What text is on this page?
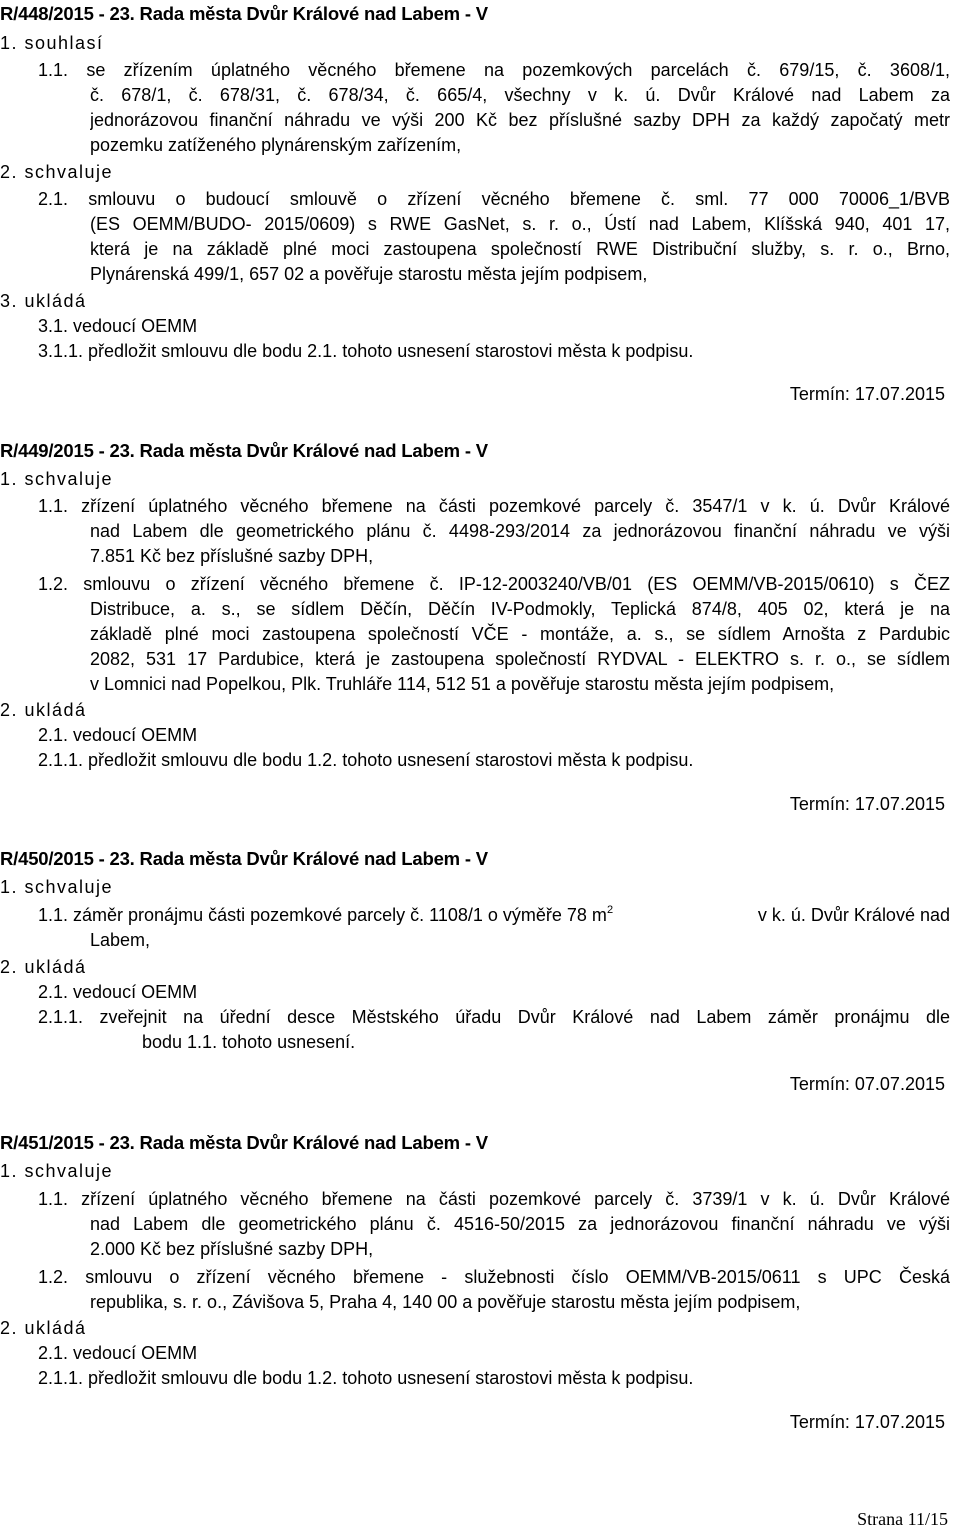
R/448/2015 - 23. Rada města Dvůr Králové nad Labem - V
1. souhlasí
1.1. se zřízením úplatného věcného břemene na pozemkových parcelách č. 679/15, č. 3608/1,
č. 678/1, č. 678/31, č. 678/34, č. 665/4, všechny v k. ú. Dvůr Králové nad Labem za
jednorázovou finanční náhradu ve výši 200 Kč bez příslušné sazby DPH za každý započatý metr
pozemku zatíženého plynárenským zařízením,
2. schvaluje
2.1. smlouvu o budoucí smlouvě o zřízení věcného břemene č. sml. 77 000 70006_1/BVB
(ES OEMM/BUDO- 2015/0609) s RWE GasNet, s. r. o., Ústí nad Labem, Klíšská 940, 401 17,
která je na základě plné moci zastoupena společností RWE Distribuční služby, s. r. o., Brno,
Plynárenská 499/1, 657 02 a pověřuje starostu města jejím podpisem,
3. ukládá
3.1. vedoucí OEMM
3.1.1. předložit smlouvu dle bodu 2.1. tohoto usnesení starostovi města k podpisu.
Termín: 17.07.2015
R/449/2015 - 23. Rada města Dvůr Králové nad Labem - V
1. schvaluje
1.1. zřízení úplatného věcného břemene na části pozemkové parcely č. 3547/1 v k. ú. Dvůr Králové
nad Labem dle geometrického plánu č. 4498-293/2014 za jednorázovou finanční náhradu ve výši
7.851 Kč bez příslušné sazby DPH,
1.2. smlouvu o zřízení věcného břemene č. IP-12-2003240/VB/01 (ES OEMM/VB-2015/0610) s ČEZ
Distribuce, a. s., se sídlem Děčín, Děčín IV-Podmokly, Teplická 874/8, 405 02, která je na
základě plné moci zastoupena společností VČE - montáže, a. s., se sídlem Arnošta z Pardubic
2082, 531 17 Pardubice, která je zastoupena společností RYDVAL - ELEKTRO s. r. o., se sídlem
v Lomnici nad Popelkou, Plk. Truhláře 114, 512 51 a pověřuje starostu města jejím podpisem,
2. ukládá
2.1. vedoucí OEMM
2.1.1. předložit smlouvu dle bodu 1.2. tohoto usnesení starostovi města k podpisu.
Termín: 17.07.2015
R/450/2015 - 23. Rada města Dvůr Králové nad Labem - V
1. schvaluje
1.1. záměr pronájmu části pozemkové parcely č. 1108/1 o výměře 78 $m^2$	v k. ú. Dvůr Králové nad
Labem,
2. ukládá
2.1. vedoucí OEMM
2.1.1. zveřejnit na úřední desce Městského úřadu Dvůr Králové nad Labem záměr pronájmu dle
bodu 1.1. tohoto usnesení.
Termín: 07.07.2015
R/451/2015 - 23. Rada města Dvůr Králové nad Labem - V
1. schvaluje
1.1. zřízení úplatného věcného břemene na části pozemkové parcely č. 3739/1 v k. ú. Dvůr Králové
nad Labem dle geometrického plánu č. 4516-50/2015 za jednorázovou finanční náhradu ve výši
2.000 Kč bez příslušné sazby DPH,
1.2. smlouvu o zřízení věcného břemene - služebnosti číslo OEMM/VB-2015/0611 s UPC Česká
republika, s. r. o., Závišova 5, Praha 4, 140 00 a pověřuje starostu města jejím podpisem,
2. ukládá
2.1. vedoucí OEMM
2.1.1. předložit smlouvu dle bodu 1.2. tohoto usnesení starostovi města k podpisu.
Termín: 17.07.2015
Strana 11/15
